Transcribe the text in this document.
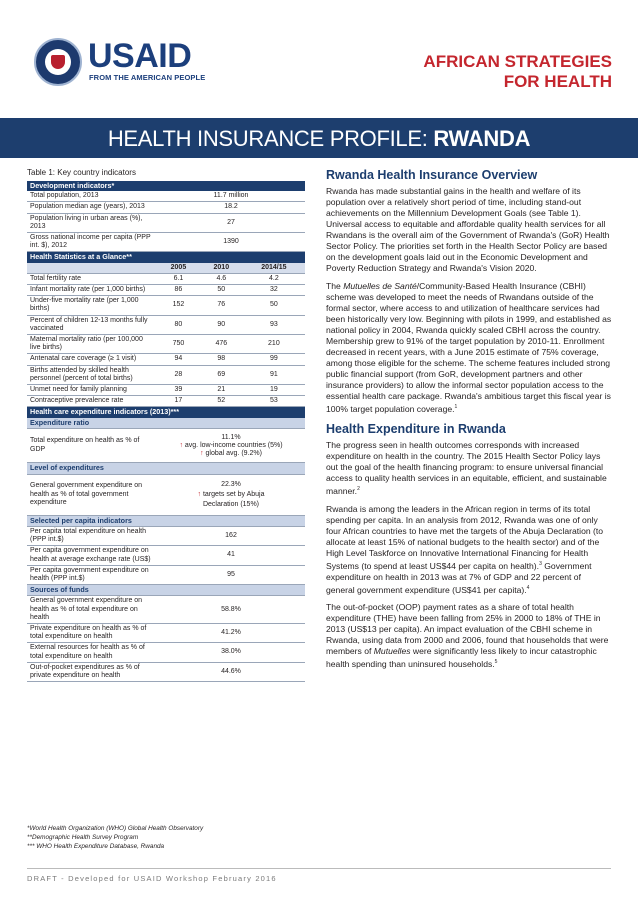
USAID
FROM THE AMERICAN PEOPLE
AFRICAN STRATEGIES
FOR HEALTH
HEALTH INSURANCE PROFILE: RWANDA
Table 1: Key country indicators
Development indicators*			
Total population, 2013	11.7 million		
Population median age (years), 2013	18.2		
Population living in urban areas (%), 2013	27		
Gross national income per capita (PPP int. $), 2012	1390		
Health Statistics at a Glance**			
	2005	2010	2014/15
Total fertility rate	6.1	4.6	4.2
Infant mortality rate (per 1,000 births)	86	50	32
Under-five mortality rate (per 1,000 births)	152	76	50
Percent of children 12-13 months fully vaccinated	80	90	93
Maternal mortality ratio (per 100,000 live births)	750	476	210
Antenatal care coverage (≥ 1 visit)	94	98	99
Births attended by skilled health personnel (percent of total births)	28	69	91
Unmet need for family planning	39	21	19
Contraceptive prevalence rate	17	52	53
Health care expenditure indicators (2013)***			
Expenditure ratio			
Total expenditure on health as % of GDP	11.1%
↑ avg. low-income countries (5%)
↑ global avg. (9.2%)		

Level of expenditures			
General government expenditure on health as % of total government expenditure	22.3%
↑ targets set by Abuja
Declaration (15%)		

Selected per capita indicators			
Per capita total expenditure on health (PPP int.$)	162		
Per capita government expenditure on health at average exchange rate (US$)	41		
Per capita government expenditure on health (PPP int.$)	95		
Sources of funds			
General government expenditure on health as % of total expenditure on health	58.8%		
Private expenditure on health as % of total expenditure on health	41.2%		
External resources for health as % of total expenditure on health	38.0%		
Out-of-pocket expenditures as % of private expenditure on health	44.6%		
*World Health Organization (WHO) Global Health Observatory
**Demographic Health Survey Program
*** WHO Health Expenditure Database, Rwanda
DRAFT - Developed for USAID Workshop February 2016
Rwanda Health Insurance Overview

Rwanda has made substantial gains in the health and welfare of its population over a relatively short period of time, including stand-out achievements on the Millennium Development Goals (see Table 1). Universal access to equitable and affordable quality health services for all Rwandans is the overall aim of the Government of Rwanda's (GoR) Health Sector Policy. The priorities set forth in the Health Sector Policy are based on the development goals laid out in the Economic Development and Poverty Reduction Strategy and Rwanda's Vision 2020.

The Mutuelles de Santé/Community-Based Health Insurance (CBHI) scheme was developed to meet the needs of Rwandans outside of the formal sector, where access to and utilization of healthcare services had been historically very low. Beginning with pilots in 1999, and established as national policy in 2004, Rwanda quickly scaled CBHI across the country. Membership grew to 91% of the target population by 2010-11. Enrollment decreased in recent years, with a June 2015 estimate of 75% coverage, among those eligible for the scheme. The scheme features included strong public financial support (from GoR, development partners and other insurance providers) to allow the informal sector population access to the essential health care package. Rwanda's ambitious target this fiscal year is 100% target population coverage.$^1$

Health Expenditure in Rwanda

The progress seen in health outcomes corresponds with increased expenditure on health in the country. The 2015 Health Sector Policy lays out the goal of the health financing program: to ensure universal financial access to quality health services in an equitable, efficient, and sustainable manner.$^2$

Rwanda is among the leaders in the African region in terms of its total spending per capita. In an analysis from 2012, Rwanda was one of only four African countries to have met the targets of the Abuja Declaration (to allocate at least 15% of national budgets to the health sector) and of the High Level Taskforce on Innovative International Financing for Health Systems (to spend at least US$44 per capita on health).$^3$ Government expenditure on health in 2013 was at 7% of GDP and 22 percent of general government expenditure (US$41 per capita).$^4$

The out-of-pocket (OOP) payment rates as a share of total health expenditure (THE) have been falling from 25% in 2000 to 18% of THE in 2013 (US$13 per capita). An impact evaluation of the CBHI scheme in Rwanda, using data from 2000 and 2006, found that households that were members of Mutuelles were significantly less likely to incur catastrophic health spending than uninsured households.$^5$
